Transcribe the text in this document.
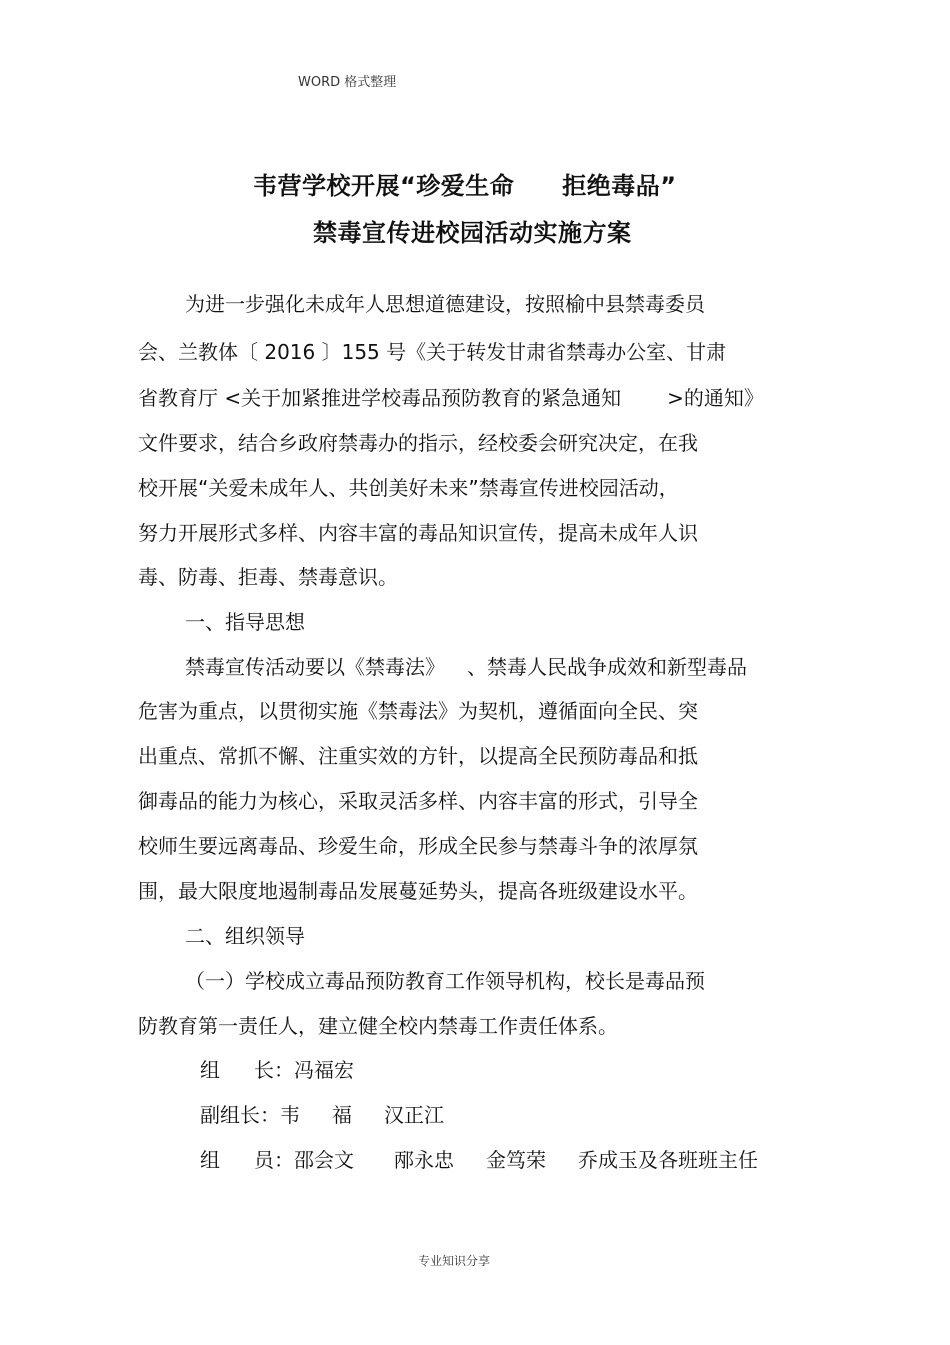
WORD 格式整理
韦营学校开展“珍爱生命 拒绝毒品”
禁毒宣传进校园活动实施方案

为进一步强化未成年人思想道德建设，按照榆中县禁毒委员

会、兰教体〔 2016 〕155 号《关于转发甘肃省禁毒办公室、甘肃

省教育厅 <关于加紧推进学校毒品预防教育的紧急通知 >的通知》

文件要求，结合乡政府禁毒办的指示，经校委会研究决定，在我

校开展“关爱未成年人、共创美好未来”禁毒宣传进校园活动，

努力开展形式多样、内容丰富的毒品知识宣传，提高未成年人识

毒、防毒、拒毒、禁毒意识。

一、指导思想

禁毒宣传活动要以《禁毒法》 、禁毒人民战争成效和新型毒品

危害为重点，以贯彻实施《禁毒法》为契机，遵循面向全民、突

出重点、常抓不懈、注重实效的方针，以提高全民预防毒品和抵

御毒品的能力为核心，采取灵活多样、内容丰富的形式，引导全

校师生要远离毒品、珍爱生命，形成全民参与禁毒斗争的浓厚氛

围，最大限度地遏制毒品发展蔓延势头，提高各班级建设水平。

二、组织领导

（一）学校成立毒品预防教育工作领导机构，校长是毒品预

防教育第一责任人，建立健全校内禁毒工作责任体系。

组 长：冯福宏

副组长：韦 福 汉正江

组 员：邵会文 邴永忠 金笃荣 乔成玉及各班班主任

专业知识分享
